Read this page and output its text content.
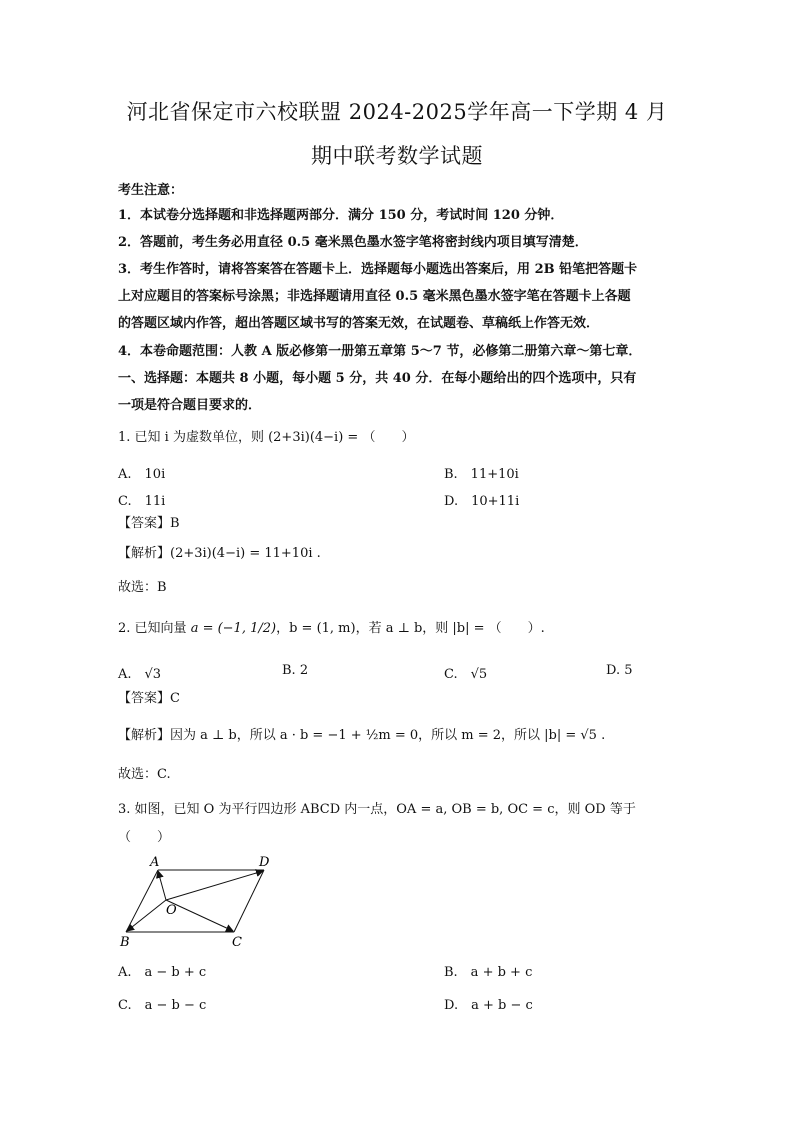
河北省保定市六校联盟 2024-2025学年高一下学期 4 月
期中联考数学试题
考生注意：
1．本试卷分选择题和非选择题两部分．满分 150 分，考试时间 120 分钟．
2．答题前，考生务必用直径 0.5 毫米黑色墨水签字笔将密封线内项目填写清楚．
3．考生作答时，请将答案答在答题卡上．选择题每小题选出答案后，用 2B 铅笔把答题卡
上对应题目的答案标号涂黑；非选择题请用直径 0.5 毫米黑色墨水签字笔在答题卡上各题
的答题区域内作答，超出答题区域书写的答案无效，在试题卷、草稿纸上作答无效．
4．本卷命题范围：人教 A 版必修第一册第五章第 5～7 节，必修第二册第六章～第七章．
一、选择题：本题共 8 小题，每小题 5 分，共 40 分．在每小题给出的四个选项中，只有
一项是符合题目要求的．
1. 已知 i 为虚数单位，则 (2+3i)(4−i) = （　　）
A.　10i	B.　11+10i
C.　11i	D.　10+11i
【答案】B
【解析】(2+3i)(4−i) = 11+10i .
故选：B
2. 已知向量 a = (−1, 1/2)，b = (1, m)，若 a ⊥ b，则 |b| = （　　）.
A.　√3	B. 2	C.　√5	D. 5
【答案】C
【解析】因为 a ⊥ b，所以 a · b = −1 + ½m = 0，所以 m = 2，所以 |b| = √5 .
故选：C.
3. 如图，已知 O 为平行四边形 ABCD 内一点，OA = a, OB = b, OC = c，则 OD 等于
（　　）
A	D
O
B	C
A.　a − b + c	B.　a + b + c
C.　a − b − c	D.　a + b − c
